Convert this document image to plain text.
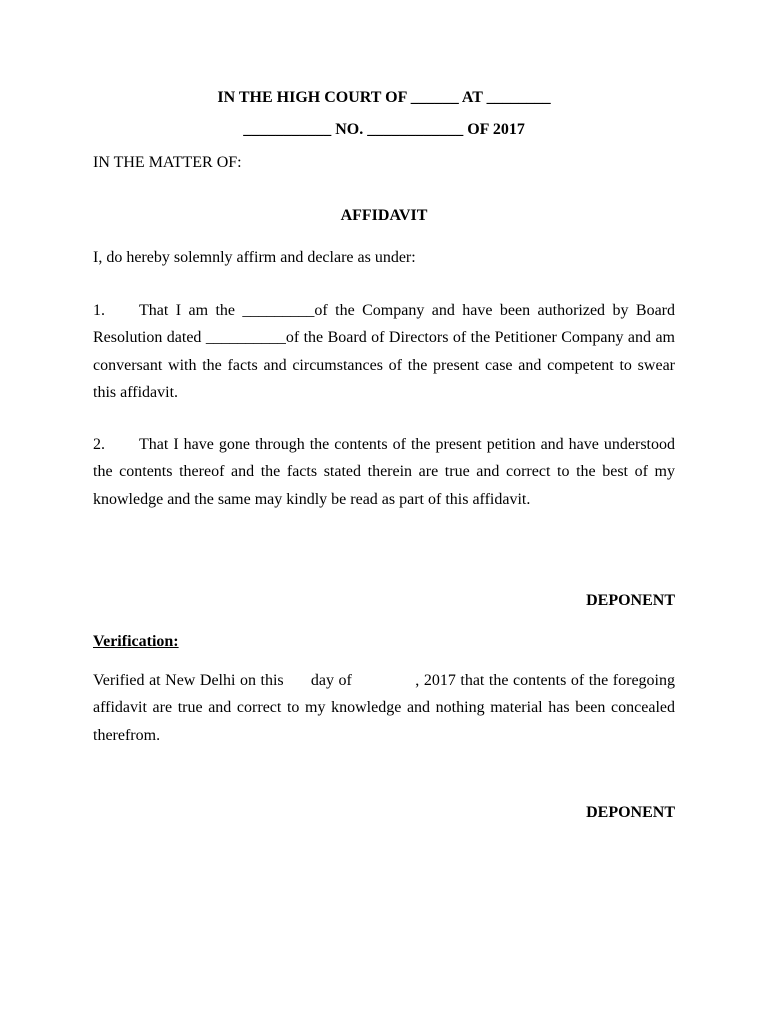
IN THE HIGH COURT OF ______ AT ________
___________ NO. ____________ OF 2017
IN THE MATTER OF:
AFFIDAVIT
I, do hereby solemnly affirm and declare as under:
1. That I am the _________of the Company and have been authorized by Board Resolution dated __________of the Board of Directors of the Petitioner Company and am conversant with the facts and circumstances of the present case and competent to swear this affidavit.
2. That I have gone through the contents of the present petition and have understood the contents thereof and the facts stated therein are true and correct to the best of my knowledge and the same may kindly be read as part of this affidavit.
DEPONENT
Verification:
Verified at New Delhi on this      day of              , 2017 that the contents of the foregoing affidavit are true and correct to my knowledge and nothing material has been concealed therefrom.
DEPONENT
